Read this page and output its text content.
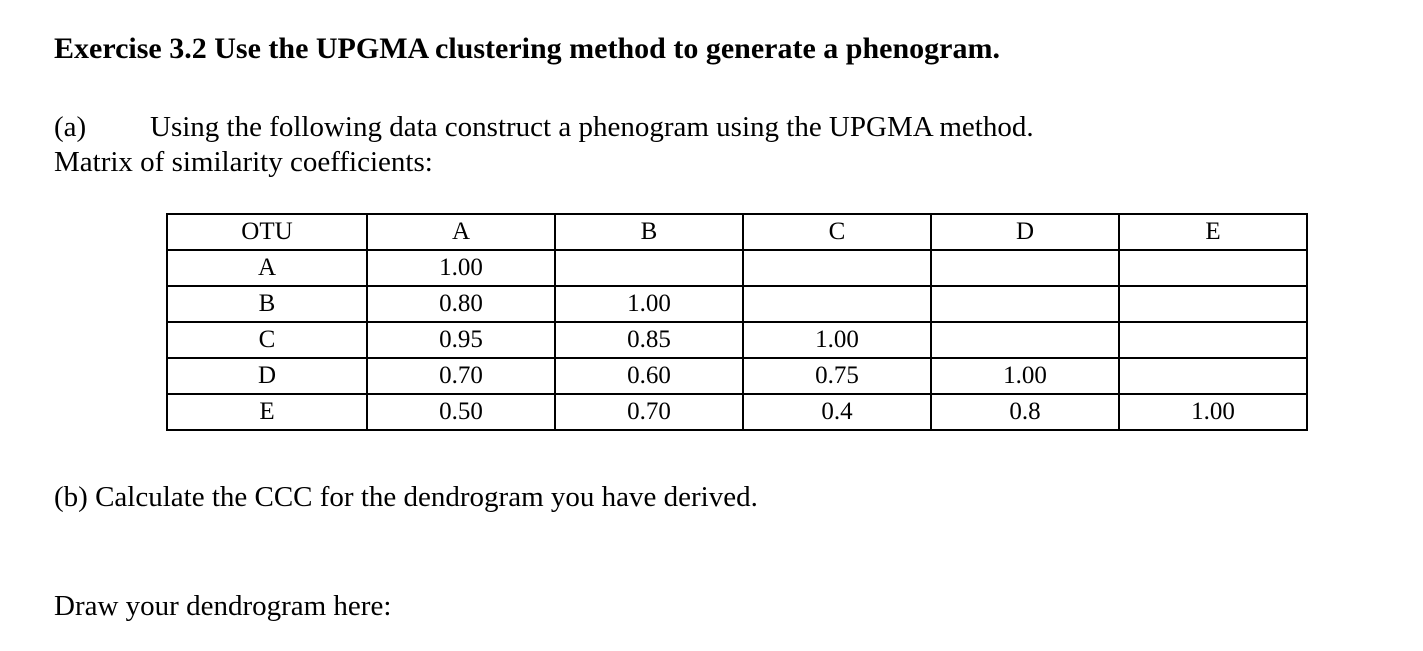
Exercise 3.2 Use the UPGMA clustering method to generate a phenogram.
(a) Using the following data construct a phenogram using the UPGMA method.
Matrix of similarity coefficients:
OTU	A	B	C	D	E
A	1.00				
B	0.80	1.00			
C	0.95	0.85	1.00		
D	0.70	0.60	0.75	1.00	
E	0.50	0.70	0.4	0.8	1.00
(b) Calculate the CCC for the dendrogram you have derived.
Draw your dendrogram here:
